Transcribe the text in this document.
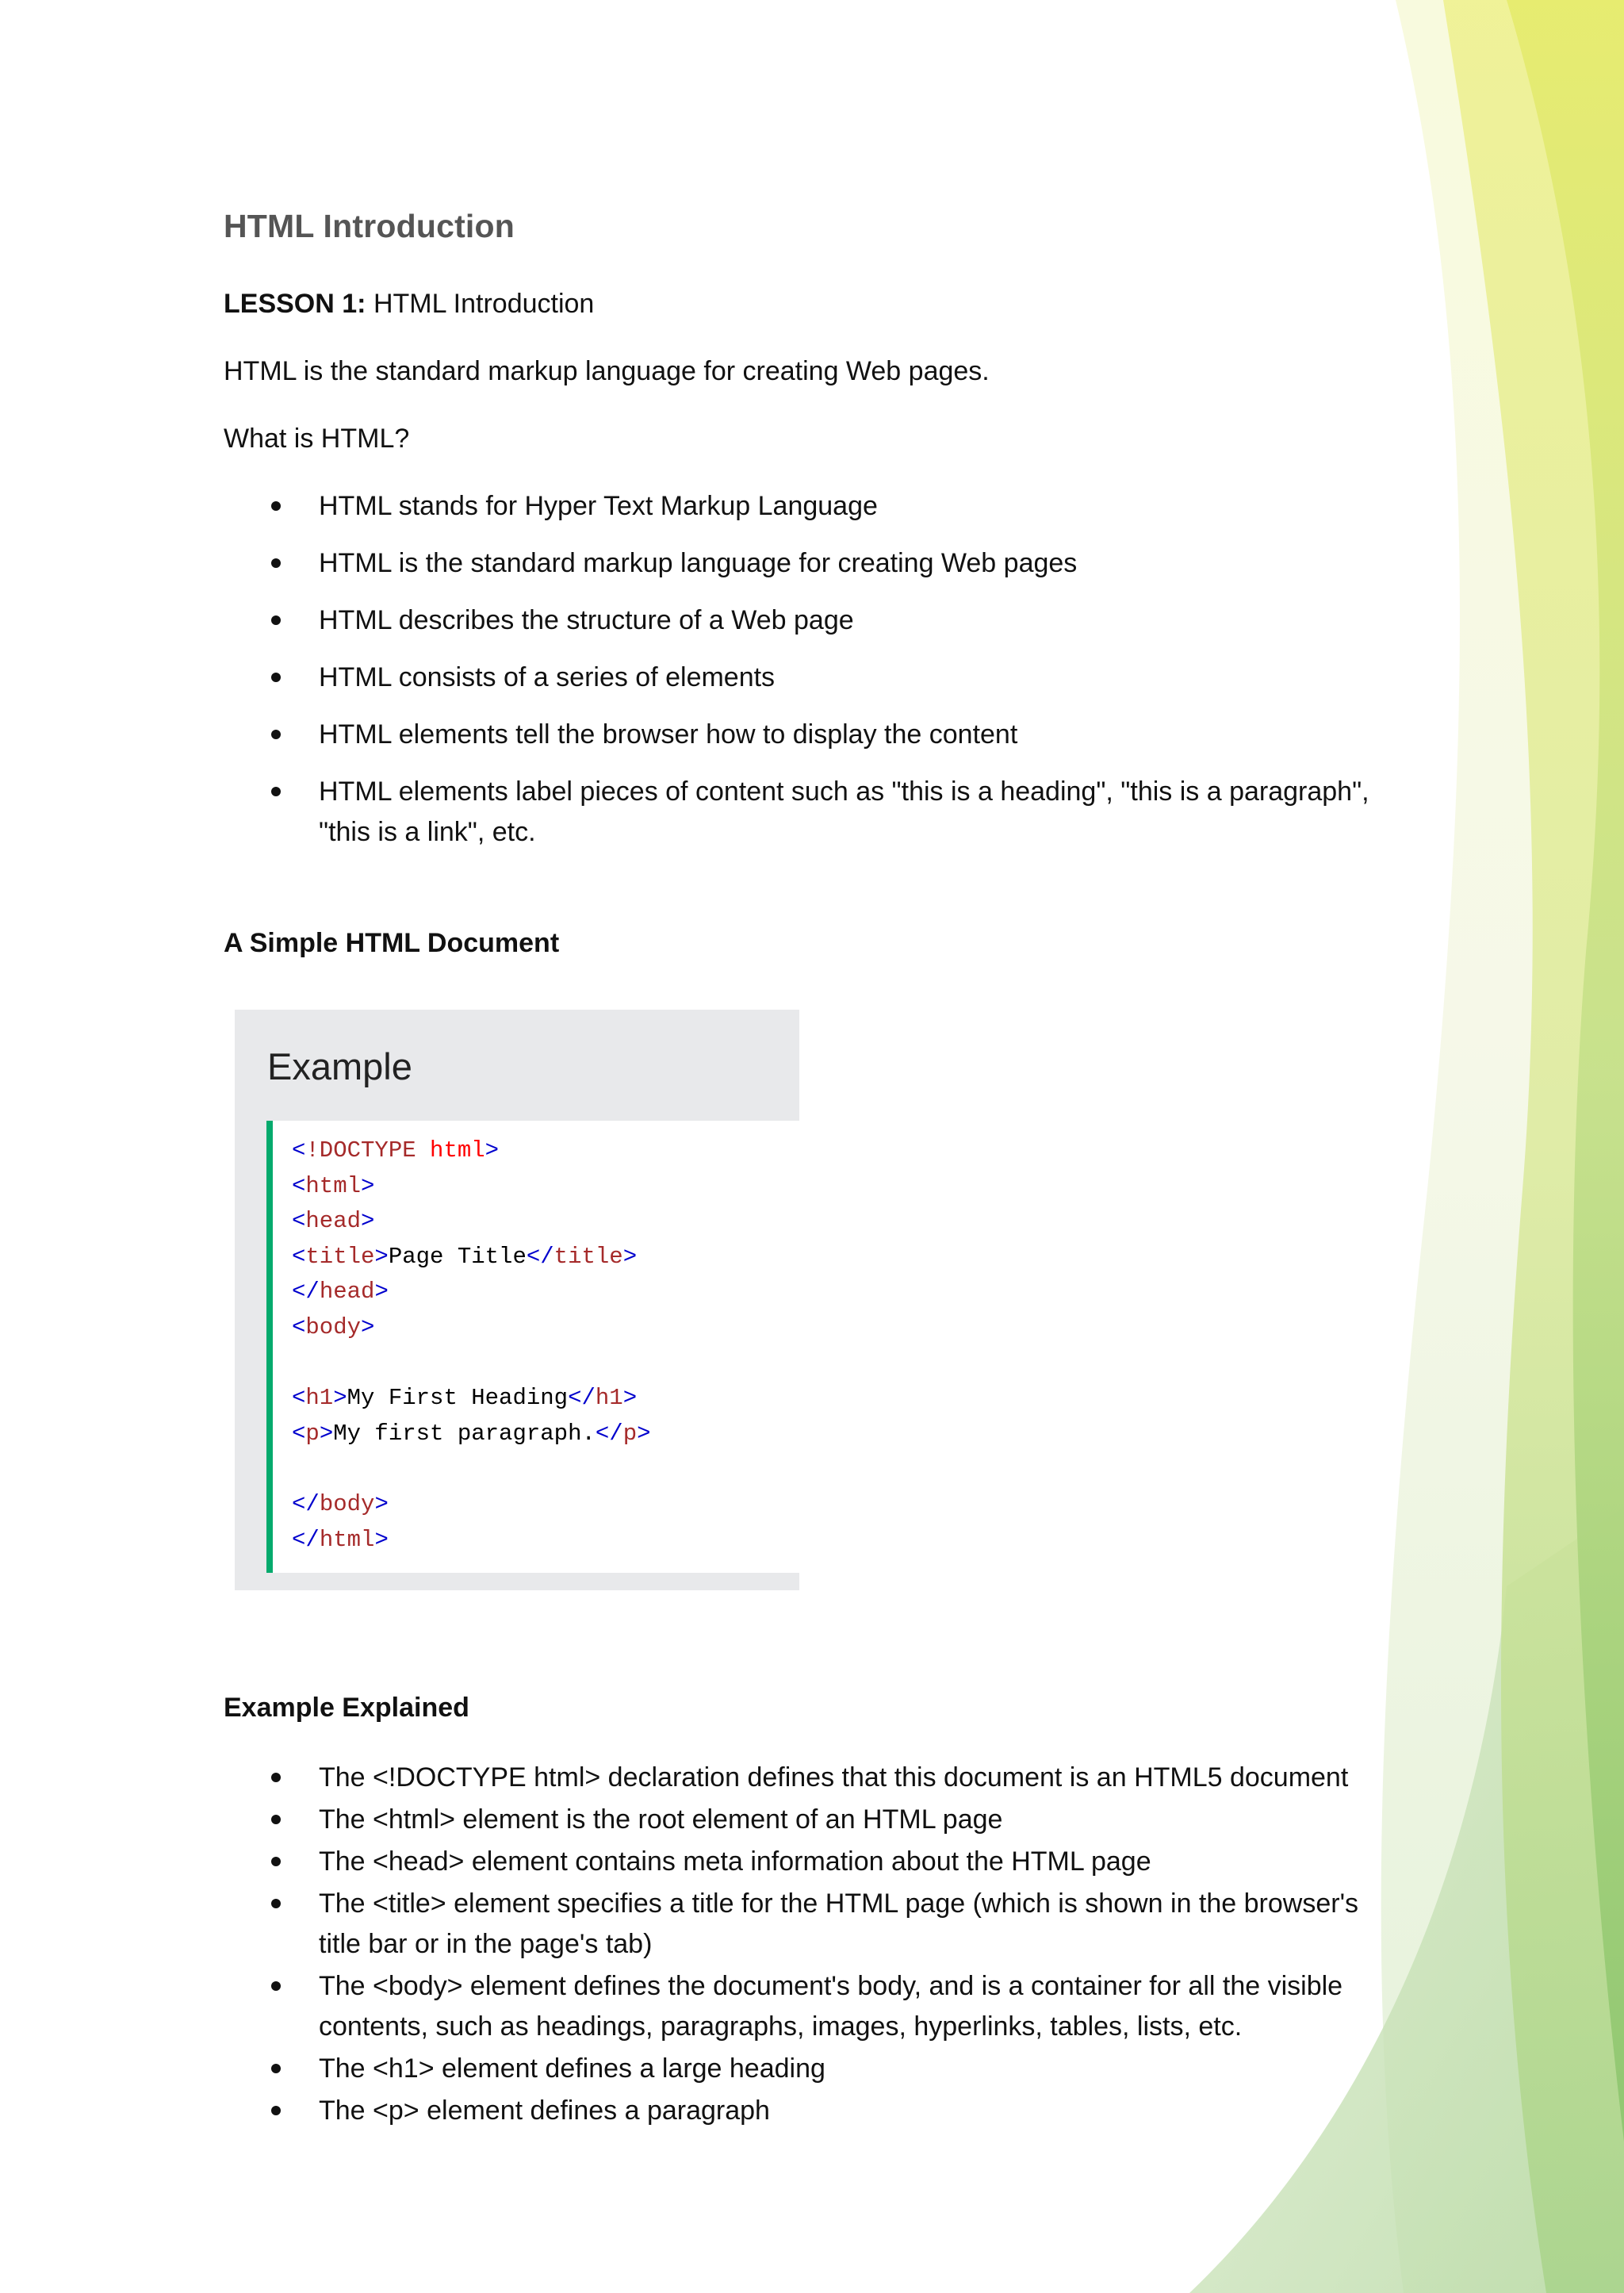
HTML Introduction

LESSON 1: HTML Introduction

HTML is the standard markup language for creating Web pages.

What is HTML?

HTML stands for Hyper Text Markup Language
HTML is the standard markup language for creating Web pages
HTML describes the structure of a Web page
HTML consists of a series of elements
HTML elements tell the browser how to display the content
HTML elements label pieces of content such as "this is a heading", "this is a paragraph", "this is a link", etc.
A Simple HTML Document
Example
<!DOCTYPE html>
<html>
<head>
<title>Page Title</title>
</head>
<body>
<h1>My First Heading</h1>
<p>My first paragraph.</p>
</body>
</html>
Example Explained
The <!DOCTYPE html> declaration defines that this document is an HTML5 document
The <html> element is the root element of an HTML page
The <head> element contains meta information about the HTML page
The <title> element specifies a title for the HTML page (which is shown in the browser's title bar or in the page's tab)
The <body> element defines the document's body, and is a container for all the visible contents, such as headings, paragraphs, images, hyperlinks, tables, lists, etc.
The <h1> element defines a large heading
The <p> element defines a paragraph
